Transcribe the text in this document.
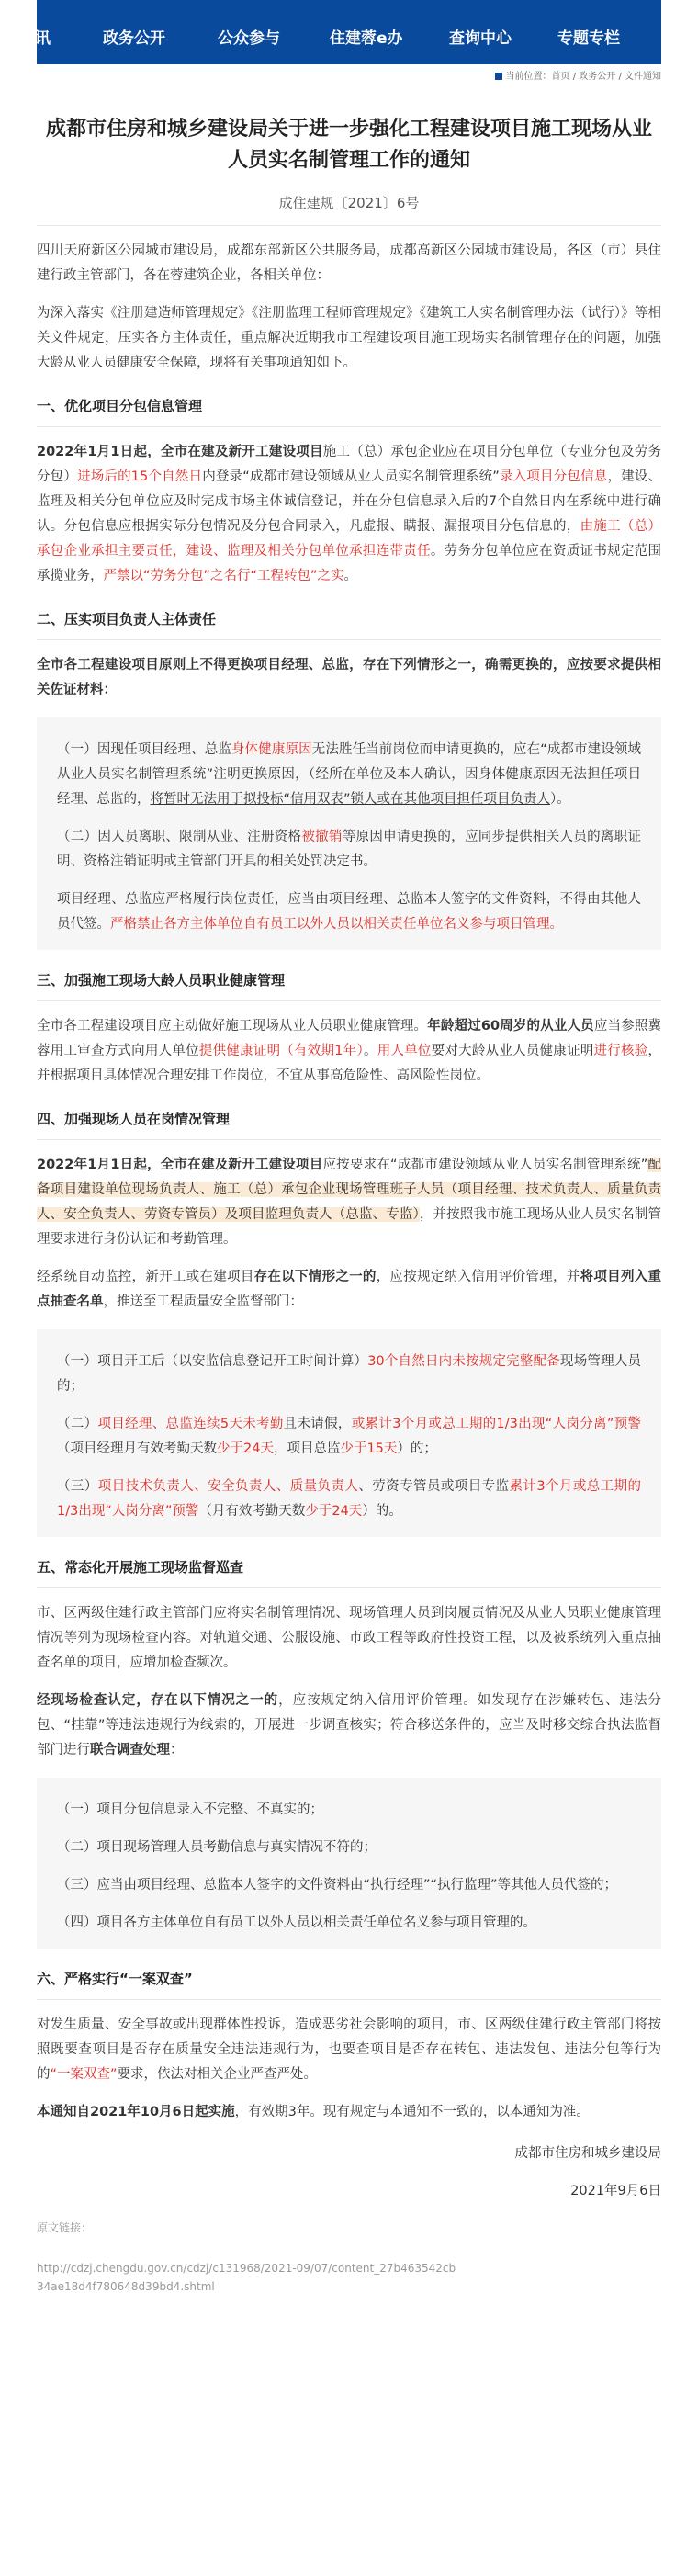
讯	政务公开	公众参与	住建蓉e办	查询中心	专题专栏
当前位置：首页 / 政务公开 / 文件通知
成都市住房和城乡建设局关于进一步强化工程建设项目施工现场从业人员实名制管理工作的通知
成住建规〔2021〕6号

四川天府新区公园城市建设局，成都东部新区公共服务局，成都高新区公园城市建设局，各区（市）县住建行政主管部门，各在蓉建筑企业，各相关单位：

为深入落实《注册建造师管理规定》《注册监理工程师管理规定》《建筑工人实名制管理办法（试行）》等相关文件规定，压实各方主体责任，重点解决近期我市工程建设项目施工现场实名制管理存在的问题，加强大龄从业人员健康安全保障，现将有关事项通知如下。

一、优化项目分包信息管理

2022年1月1日起，全市在建及新开工建设项目施工（总）承包企业应在项目分包单位（专业分包及劳务分包）进场后的15个自然日内登录“成都市建设领域从业人员实名制管理系统”录入项目分包信息，建设、监理及相关分包单位应及时完成市场主体诚信登记，并在分包信息录入后的7个自然日内在系统中进行确认。分包信息应根据实际分包情况及分包合同录入，凡虚报、瞒报、漏报项目分包信息的，由施工（总）承包企业承担主要责任，建设、监理及相关分包单位承担连带责任。劳务分包单位应在资质证书规定范围承揽业务，严禁以“劳务分包”之名行“工程转包”之实。

二、压实项目负责人主体责任

全市各工程建设项目原则上不得更换项目经理、总监，存在下列情形之一，确需更换的，应按要求提供相关佐证材料：

（一）因现任项目经理、总监身体健康原因无法胜任当前岗位而申请更换的，应在“成都市建设领域从业人员实名制管理系统”注明更换原因，（经所在单位及本人确认，因身体健康原因无法担任项目经理、总监的，将暂时无法用于拟投标“信用双表”锁人或在其他项目担任项目负责人）。

（二）因人员离职、限制从业、注册资格被撤销等原因申请更换的，应同步提供相关人员的离职证明、资格注销证明或主管部门开具的相关处罚决定书。

项目经理、总监应严格履行岗位责任，应当由项目经理、总监本人签字的文件资料，不得由其他人员代签。严格禁止各方主体单位自有员工以外人员以相关责任单位名义参与项目管理。

三、加强施工现场大龄人员职业健康管理

全市各工程建设项目应主动做好施工现场从业人员职业健康管理。年龄超过60周岁的从业人员应当参照冀蓉用工审查方式向用人单位提供健康证明（有效期1年）。用人单位要对大龄从业人员健康证明进行核验，并根据项目具体情况合理安排工作岗位，不宜从事高危险性、高风险性岗位。

四、加强现场人员在岗情况管理

2022年1月1日起，全市在建及新开工建设项目应按要求在“成都市建设领域从业人员实名制管理系统”配备项目建设单位现场负责人、施工（总）承包企业现场管理班子人员（项目经理、技术负责人、质量负责人、安全负责人、劳资专管员）及项目监理负责人（总监、专监），并按照我市施工现场从业人员实名制管理要求进行身份认证和考勤管理。

经系统自动监控，新开工或在建项目存在以下情形之一的，应按规定纳入信用评价管理，并将项目列入重点抽查名单，推送至工程质量安全监督部门：

（一）项目开工后（以安监信息登记开工时间计算）30个自然日内未按规定完整配备现场管理人员的；

（二）项目经理、总监连续5天未考勤且未请假，或累计3个月或总工期的1/3出现“人岗分离”预警（项目经理月有效考勤天数少于24天，项目总监少于15天）的；

（三）项目技术负责人、安全负责人、质量负责人、劳资专管员或项目专监累计3个月或总工期的1/3出现“人岗分离”预警（月有效考勤天数少于24天）的。

五、常态化开展施工现场监督巡查

市、区两级住建行政主管部门应将实名制管理情况、现场管理人员到岗履责情况及从业人员职业健康管理情况等列为现场检查内容。对轨道交通、公服设施、市政工程等政府性投资工程，以及被系统列入重点抽查名单的项目，应增加检查频次。

经现场检查认定，存在以下情况之一的，应按规定纳入信用评价管理。如发现存在涉嫌转包、违法分包、“挂靠”等违法违规行为线索的，开展进一步调查核实；符合移送条件的，应当及时移交综合执法监督部门进行联合调查处理：

（一）项目分包信息录入不完整、不真实的；

（二）项目现场管理人员考勤信息与真实情况不符的；

（三）应当由项目经理、总监本人签字的文件资料由“执行经理”“执行监理”等其他人员代签的；

（四）项目各方主体单位自有员工以外人员以相关责任单位名义参与项目管理的。

六、严格实行“一案双查”

对发生质量、安全事故或出现群体性投诉，造成恶劣社会影响的项目，市、区两级住建行政主管部门将按照既要查项目是否存在质量安全违法违规行为，也要查项目是否存在转包、违法发包、违法分包等行为的“一案双查”要求，依法对相关企业严查严处。

本通知自2021年10月6日起实施，有效期3年。现有规定与本通知不一致的，以本通知为准。

成都市住房和城乡建设局

2021年9月6日

原文链接：
http://cdzj.chengdu.gov.cn/cdzj/c131968/2021-09/07/content_27b463542cb34ae18d4f780648d39bd4.shtml
